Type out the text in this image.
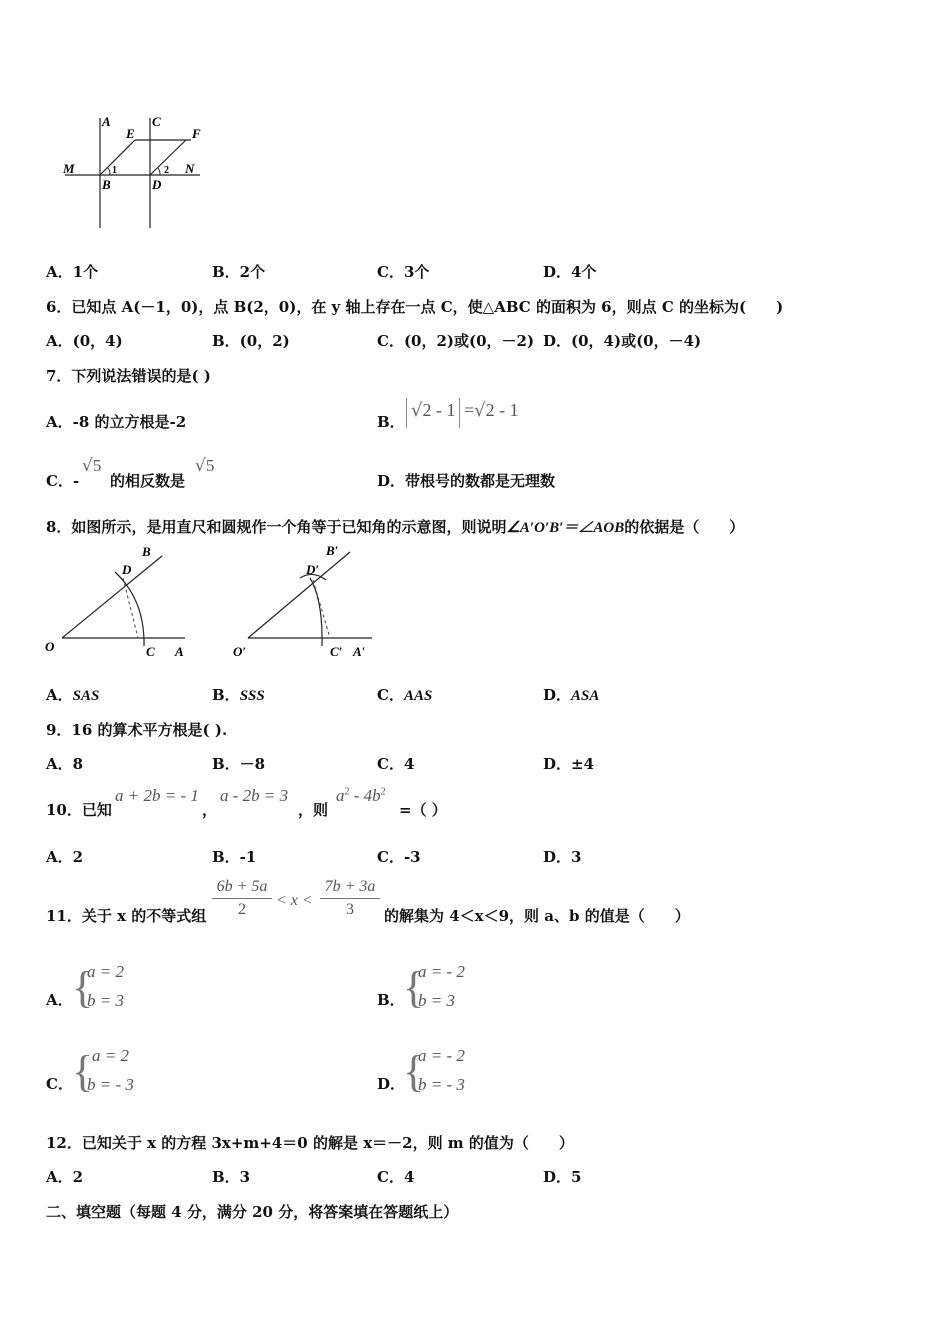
A	C
E	F
M	N
B	D
1	2
A．1个	B．2个	C．3个	D．4个
6．已知点 A(－1，0)，点 B(2，0)，在 y 轴上存在一点 C，使△ABC 的面积为 6，则点 C 的坐标为(　　)
A．(0，4)	B．(0，2)	C．(0，2)或(0，－2) D．(0，4)或(0，－4)
7．下列说法错误的是( )
A．-8 的立方根是-2	B．
√2 - 1 =√2 - 1
C．-
√5
的相反数是
√5
D．带根号的数都是无理数
8．如图所示，是用直尺和圆规作一个角等于已知角的示意图，则说明∠A′O′B′＝∠AOB的依据是（　　）
B
D
O	C A
B′
D′
O′	C′ A′
A．SAS	B．SSS	C．AAS	D．ASA
9．16 的算术平方根是( ).
A．8	B．－8	C．4	D．±4
10．已知
a + 2b = - 1
，
a - 2b = 3
，则
$a^2 - 4b^2$
=（ ）
A．2	B．-1	C．-3	D．3
11．关于 x 的不等式组
6b + 5a
2
< x <
7b + 3a
3	的解集为 4＜x＜9，则 a、b 的值是（　　）
A． {
a = 2
b = 3	B．
{
a = - 2
b = 3
C． {
a = 2
b = - 3	D．
{
a = - 2
b = - 3
12．已知关于 x 的方程 3x+m+4＝0 的解是 x＝－2，则 m 的值为（　　）
A．2	B．3	C．4	D．5
二、填空题（每题 4 分，满分 20 分，将答案填在答题纸上）
